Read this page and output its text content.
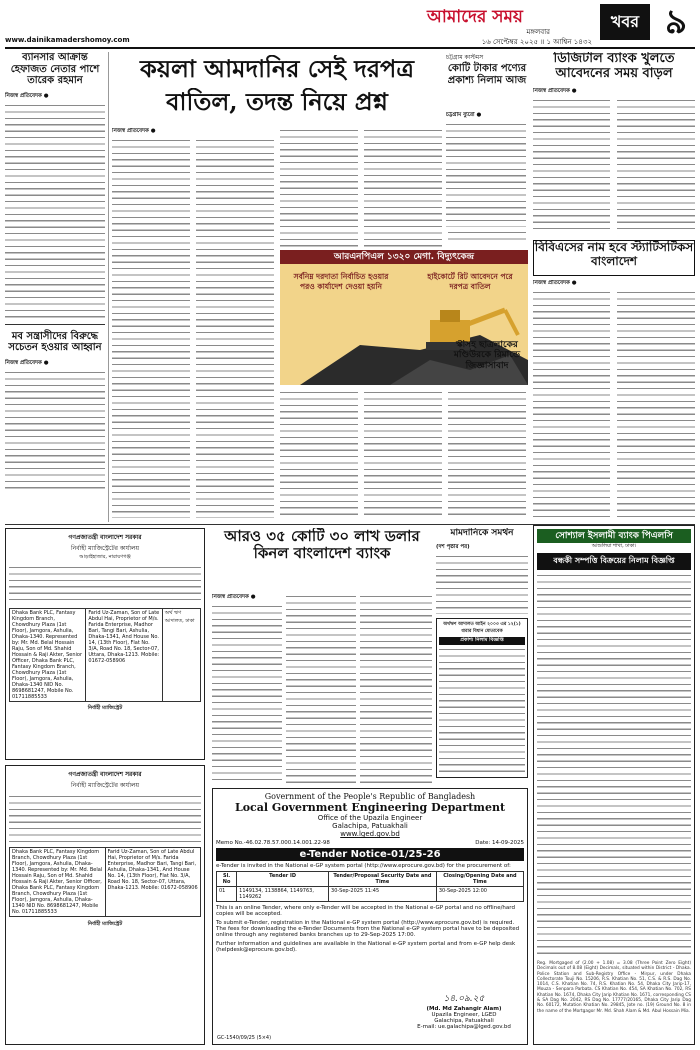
আমাদের সময়
মঙ্গলবার
১৬ সেপ্টেম্বর ২০২৫ ॥ ১ আশ্বিন ১৪৩২
খবর ৯
www.dainikamadershomoy.com
ব্যানসার আক্রান্ত হেফাজত নেতার পাশে তারেক রহমান
নিজস্ব প্রতিবেদক ●
মব সন্ত্রাসীদের বিরুদ্ধে সচেতন হওয়ার আহ্বান
নিজস্ব প্রতিবেদক ●
কয়লা আমদানির সেই দরপত্র
বাতিল, তদন্ত নিয়ে প্রশ্ন
নিজস্ব প্রতিবেদক ●
আরএনপিএল ১৩২০ মেগা. বিদ্যুৎকেন্দ্র
সর্বনিম্ন দরদাতা নির্বাচিত হওয়ার পরও কার্যাদেশ দেওয়া হয়নি
হাইকোর্টে রিট আবেদনে পরে দরপত্র বাতিল
চট্টগ্রাম কাস্টমস
কোটি টাকার পণ্যের প্রকাশ্য নিলাম আজ
চট্টগ্রাম ব্যুরো ●
ডিজিটাল ব্যাংক খুলতে আবেদনের সময় বাড়ল
নিজস্ব প্রতিবেদক ●
বিবিএসের নাম হবে স্ট্যাটিসটিকস বাংলাদেশ
নিজস্ব প্রতিবেদক ●
স্কীসহ ছাত্রলাকের মণ্ডিউরকে রিমান্ডে জিজ্ঞাসাবাদ
গণপ্রজাতন্ত্রী বাংলাদেশ সরকার
নির্বাহী ম্যাজিস্ট্রেটের কার্যালয়
আড়াইহাজার, নারায়ণগঞ্জ
Dhaka Bank PLC, Fantasy Kingdom Branch, Chowdhury Plaza (1st Floor), Jamgora, Ashulia, Dhaka-1340. Represented by: Mr. Md. Belal Hossain Raju, Son of Md. Shahid Hossain & Raji Akter, Senior Officer, Dhaka Bank PLC, Fantasy Kingdom Branch, Chowdhury Plaza (1st Floor), Jamgora, Ashulia, Dhaka-1340 NID No. 8698681247, Mobile No. 01711885533	Farid Uz-Zaman, Son of Late Abdul Hai, Proprietor of M/s. Farida Enterprise, Madhor Bari, Tangi Bari, Ashulia, Dhaka-1341, And House No. 14, (13th Floor), Flat No. 3/A, Road No. 18, Sector-07, Uttara, Dhaka-1213. Mobile: 01672-058906	অর্থ ঋণ আদালত, ঢাকা
নির্বাহী ম্যাজিস্ট্রেট
গণপ্রজাতন্ত্রী বাংলাদেশ সরকার
নির্বাহী ম্যাজিস্ট্রেটের কার্যালয়
Dhaka Bank PLC, Fantasy Kingdom Branch, Chowdhury Plaza (1st Floor), Jamgora, Ashulia, Dhaka-1340. Represented by: Mr. Md. Belal Hossain Raju, Son of Md. Shahid Hossain & Raji Akter, Senior Officer, Dhaka Bank PLC, Fantasy Kingdom Branch, Chowdhury Plaza (1st Floor), Jamgora, Ashulia, Dhaka-1340 NID No. 8698681247, Mobile No. 01711885533	Farid Uz-Zaman, Son of Late Abdul Hai, Proprietor of M/s. Farida Enterprise, Madhor Bari, Tangi Bari, Ashulia, Dhaka-1341, And House No. 14, (13th Floor), Flat No. 3/A, Road No. 18, Sector-07, Uttara, Dhaka-1213. Mobile: 01672-058906
নির্বাহী ম্যাজিস্ট্রেট
আরও ৩৫ কোটি ৩০ লাখ ডলার কিনল বাংলাদেশ ব্যাংক
নিজস্ব প্রতিবেদক ●
মামদানিকে সমর্থন
(দশ পৃষ্ঠার পর)
অর্থঋণ আদালত আইন ২০০৩ এর ১২(১) ধারার বিধান মোতাবেক
প্রকাশ্য নিলাম বিজ্ঞপ্তি
সোশ্যাল ইসলামী ব্যাংক পিএলসি
আশুলিয়া শাখা, ঢাকা।
বন্ধকী সম্পত্তি বিক্রয়ের নিলাম বিজ্ঞপ্তি
Reg. Mortgaged of (2.00 + 1.08) = 3.08 (Three Point Zero Eight) Decimals out of 8.08 (Eight) Decimals, situated within District - Dhaka. Police Station and Sub-Registry Office - Mirpur, under Dhaka Collectorate Touji No. 15206, R.S. Khatian No. 51, C.S. & R.S. Dag No. 1014, C.S. Khatian No. 74, R.S. Khatian No. 54, Dhaka City Jarip-17, Mouza - Senpara Parbata. CS Khatian No. 454, SA Khatian No. 702, RS Khatian No. 1674, Dhaka City Jarip Khatian No. 1671, corresponding CS & SA Dag No. 2042, RS Dag No. 17777/20165, Dhaka City Jarip Dag No. 60172, Mutation Khatian No. 29845, Jote no. (19) Ground No. 8 in the name of the Mortgagor Mr. Md. Shah Alam & Md. Abul Hossain Mia.
Government of the People's Republic of Bangladesh
Local Government Engineering Department
Office of the Upazila Engineer
Galachipa, Patuakhali
www.lged.gov.bd
Memo No.-46.02.78.57.000.14.001.22-98	Date: 14-09-2025
e-Tender Notice-01/25-26
e-Tender is invited in the National e-GP system portal (http://www.eprocure.gov.bd) for the procurement of:
Sl. No	Tender ID	Tender/Proposal Security Date and Time	Closing/Opening Date and Time
01	1149134, 1138864, 1149763, 1149262	30-Sep-2025 11:45	30-Sep-2025 12:00
This is an online Tender, where only e-Tender will be accepted in the National e-GP portal and no offline/hard copies will be accepted.
To submit e-Tender, registration in the National e-GP system portal (http://www.eprocure.gov.bd) is required. The fees for downloading the e-Tender Documents from the National e-GP system portal have to be deposited online through any registered banks branches up to 29-Sep-2025 17:00.
Further information and guidelines are available in the National e-GP system portal and from e-GP help desk (helpdesk@eprocure.gov.bd).
১৪.০৯.২৫
(Md. Md Zahangir Alam)
Upazila Engineer, LGED
Galachipa, Patuakhali
E-mail: ue.galachipa@lged.gov.bd
GC-1540/09/25 (5×4)
